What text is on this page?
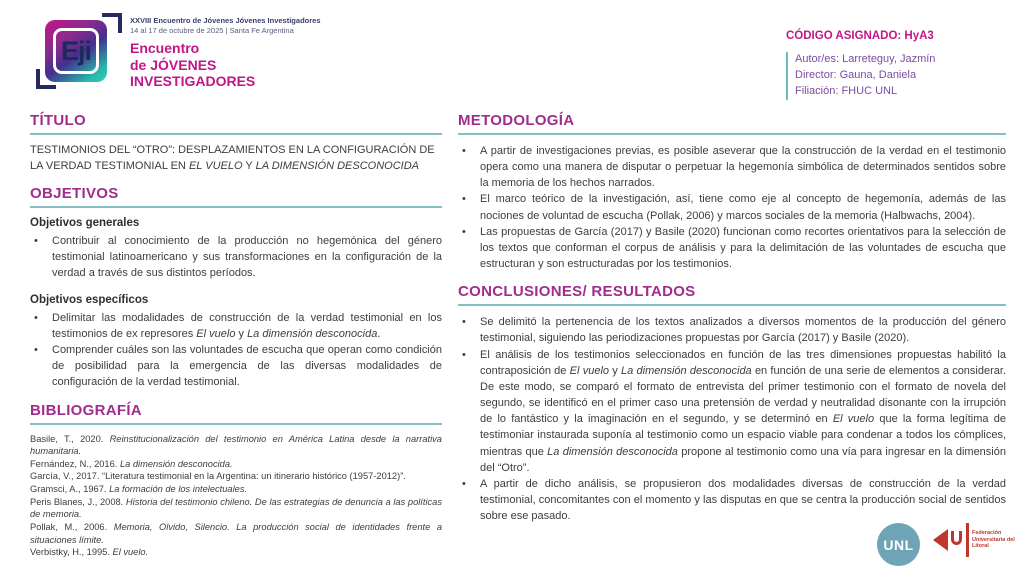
Eji
XXVIII Encuentro de Jóvenes Jóvenes Investigadores
14 al 17 de octubre de 2025 | Santa Fe Argentina
Encuentro
de JÓVENES
INVESTIGADORES
CÓDIGO ASIGNADO: HyA3
Autor/es: Larreteguy, Jazmín
Director: Gauna, Daniela
Filiación: FHUC UNL
TÍTULO
TESTIMONIOS DEL “OTRO”: DESPLAZAMIENTOS EN LA CONFIGURACIÓN DE LA VERDAD TESTIMONIAL EN EL VUELO Y LA DIMENSIÓN DESCONOCIDA
OBJETIVOS
Objetivos generales
• Contribuir al conocimiento de la producción no hegemónica del género testimonial latinoamericano y sus transformaciones en la configuración de la verdad a través de sus distintos períodos.
Objetivos específicos
• Delimitar las modalidades de construcción de la verdad testimonial en los testimonios de ex represores El vuelo y La dimensión desconocida.
• Comprender cuáles son las voluntades de escucha que operan como condición de posibilidad para la emergencia de las diversas modalidades de configuración de la verdad testimonial.
BIBLIOGRAFÍA
Basile, T., 2020. Reinstitucionalización del testimonio en América Latina desde la narrativa humanitaria.
Fernández, N., 2016. La dimensión desconocida.
García, V., 2017. “Literatura testimonial en la Argentina: un itinerario histórico (1957-2012)”.
Gramsci, A., 1967. La formación de los intelectuales.
Peris Blanes, J., 2008. Historia del testimonio chileno. De las estrategias de denuncia a las políticas de memoria.
Pollak, M., 2006. Memoria, Olvido, Silencio. La producción social de identidades frente a situaciones límite.
Verbistky, H., 1995. El vuelo.
METODOLOGÍA
• A partir de investigaciones previas, es posible aseverar que la construcción de la verdad en el testimonio opera como una manera de disputar o perpetuar la hegemonía simbólica de determinados sentidos sobre la memoria de los hechos narrados.
• El marco teórico de la investigación, así, tiene como eje al concepto de hegemonía, además de las nociones de voluntad de escucha (Pollak, 2006) y marcos sociales de la memoria (Halbwachs, 2004).
• Las propuestas de García (2017) y Basile (2020) funcionan como recortes orientativos para la selección de los textos que conforman el corpus de análisis y para la delimitación de las voluntades de escucha que estructuran y son estructuradas por los testimonios.
CONCLUSIONES/ RESULTADOS
• Se delimitó la pertenencia de los textos analizados a diversos momentos de la producción del género testimonial, siguiendo las periodizaciones propuestas por García (2017) y Basile (2020).
• El análisis de los testimonios seleccionados en función de las tres dimensiones propuestas habilitó la contraposición de El vuelo y La dimensión desconocida en función de una serie de elementos a considerar. De este modo, se comparó el formato de entrevista del primer testimonio con el formato de novela del segundo, se identificó en el primer caso una pretensión de verdad y neutralidad disonante con la irrupción de lo fantástico y la imaginación en el segundo, y se determinó en El vuelo que la forma legítima de testimoniar instaurada suponía al testimonio como un espacio viable para condenar a todos los cómplices, mientras que La dimensión desconocida propone al testimonio como una vía para ingresar en la dimensión del “Otro”.
• A partir de dicho análisis, se propusieron dos modalidades diversas de construcción de la verdad testimonial, concomitantes con el momento y las disputas en que se centra la producción social de sentidos sobre ese pasado.
UNL
Federación Universitaria del Litoral
